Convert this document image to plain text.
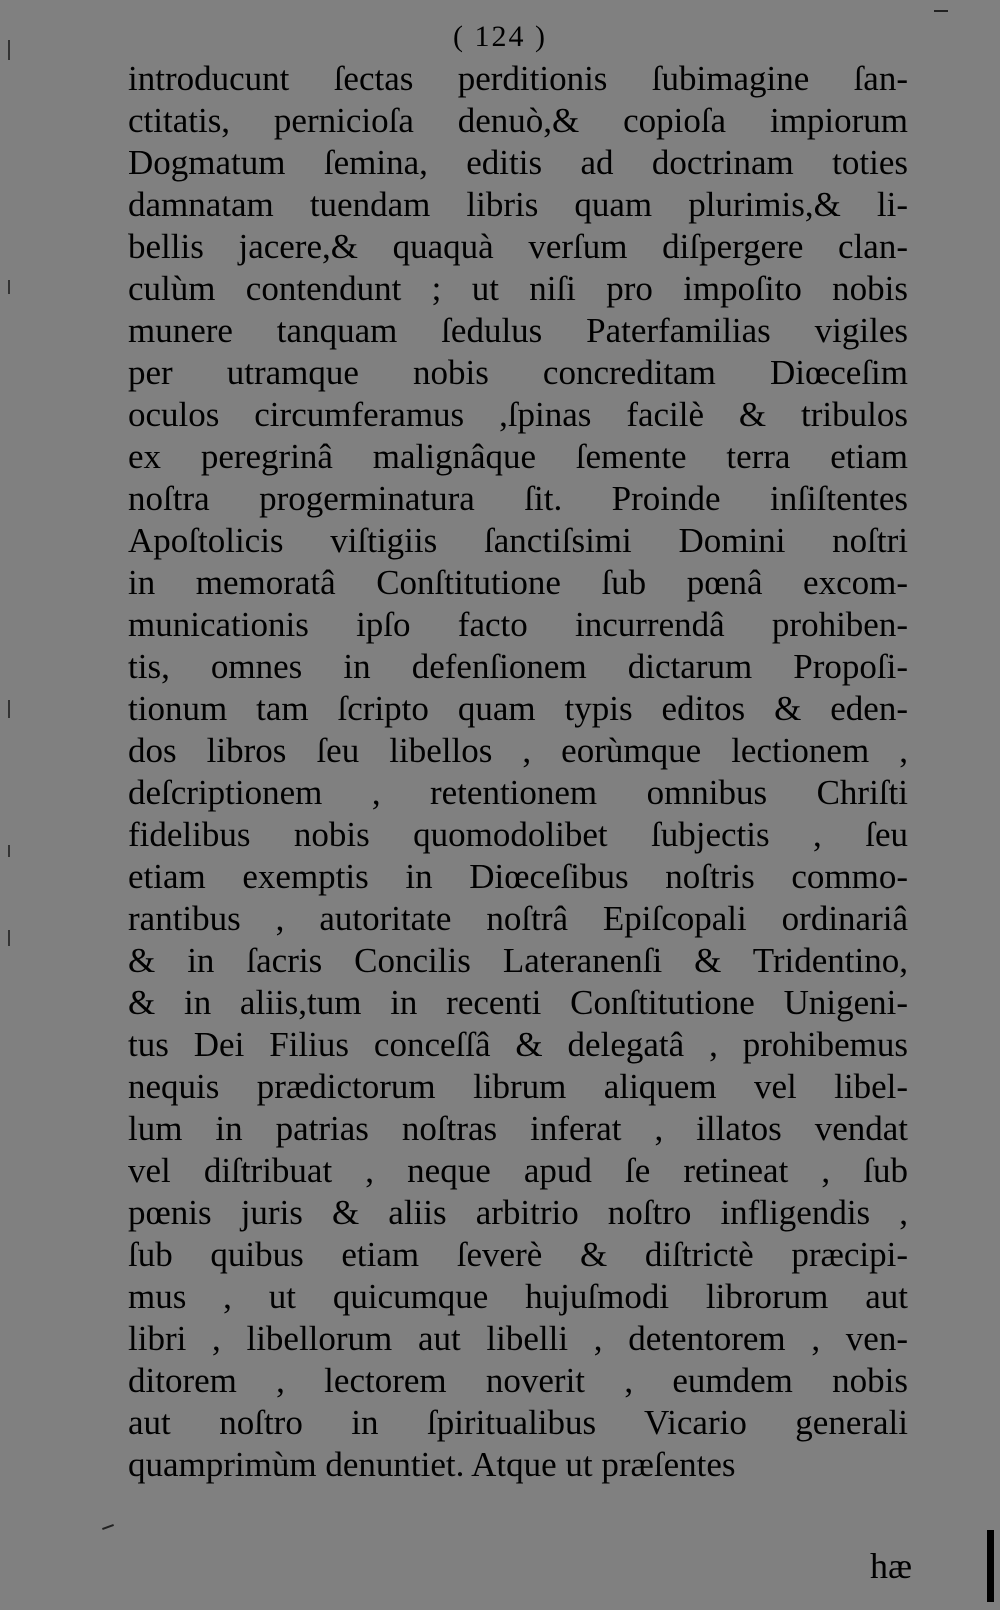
( 124 )
introducunt ſectas perditionis ſubimagine ſan-
ctitatis, pernicioſa denuò,& copioſa impiorum
Dogmatum ſemina, editis ad doctrinam toties
damnatam tuendam libris quam plurimis,& li-
bellis jacere,& quaquà verſum diſpergere clan-
culùm contendunt ; ut niſi pro impoſito nobis
munere tanquam ſedulus Paterfamilias vigiles
per utramque nobis concreditam Diœceſim
oculos circumferamus ,ſpinas facilè & tribulos
ex peregrinâ malignâque ſemente terra etiam
noſtra progerminatura ſit. Proinde inſiſtentes
Apoſtolicis viſtigiis ſanctiſsimi Domini noſtri
in memoratâ Conſtitutione ſub pœnâ excom-
municationis ipſo facto incurrendâ prohiben-
tis, omnes in defenſionem dictarum Propoſi-
tionum tam ſcripto quam typis editos & eden-
dos libros ſeu libellos , eorùmque lectionem ,
deſcriptionem , retentionem omnibus Chriſti
fidelibus nobis quomodolibet ſubjectis , ſeu
etiam exemptis in Diœceſibus noſtris commo-
rantibus , autoritate noſtrâ Epiſcopali ordinariâ
& in ſacris Concilis Lateranenſi & Tridentino,
& in aliis,tum in recenti Conſtitutione Unigeni-
tus Dei Filius conceſſâ & delegatâ , prohibemus
nequis prædictorum librum aliquem vel libel-
lum in patrias noſtras inferat , illatos vendat
vel diſtribuat , neque apud ſe retineat , ſub
pœnis juris & aliis arbitrio noſtro infligendis ,
ſub quibus etiam ſeverè & diſtrictè præcipi-
mus , ut quicumque hujuſmodi librorum aut
libri , libellorum aut libelli , detentorem , ven-
ditorem , lectorem noverit , eumdem nobis
aut noſtro in ſpiritualibus Vicario generali
quamprimùm denuntiet. Atque ut præſentes
hæ
